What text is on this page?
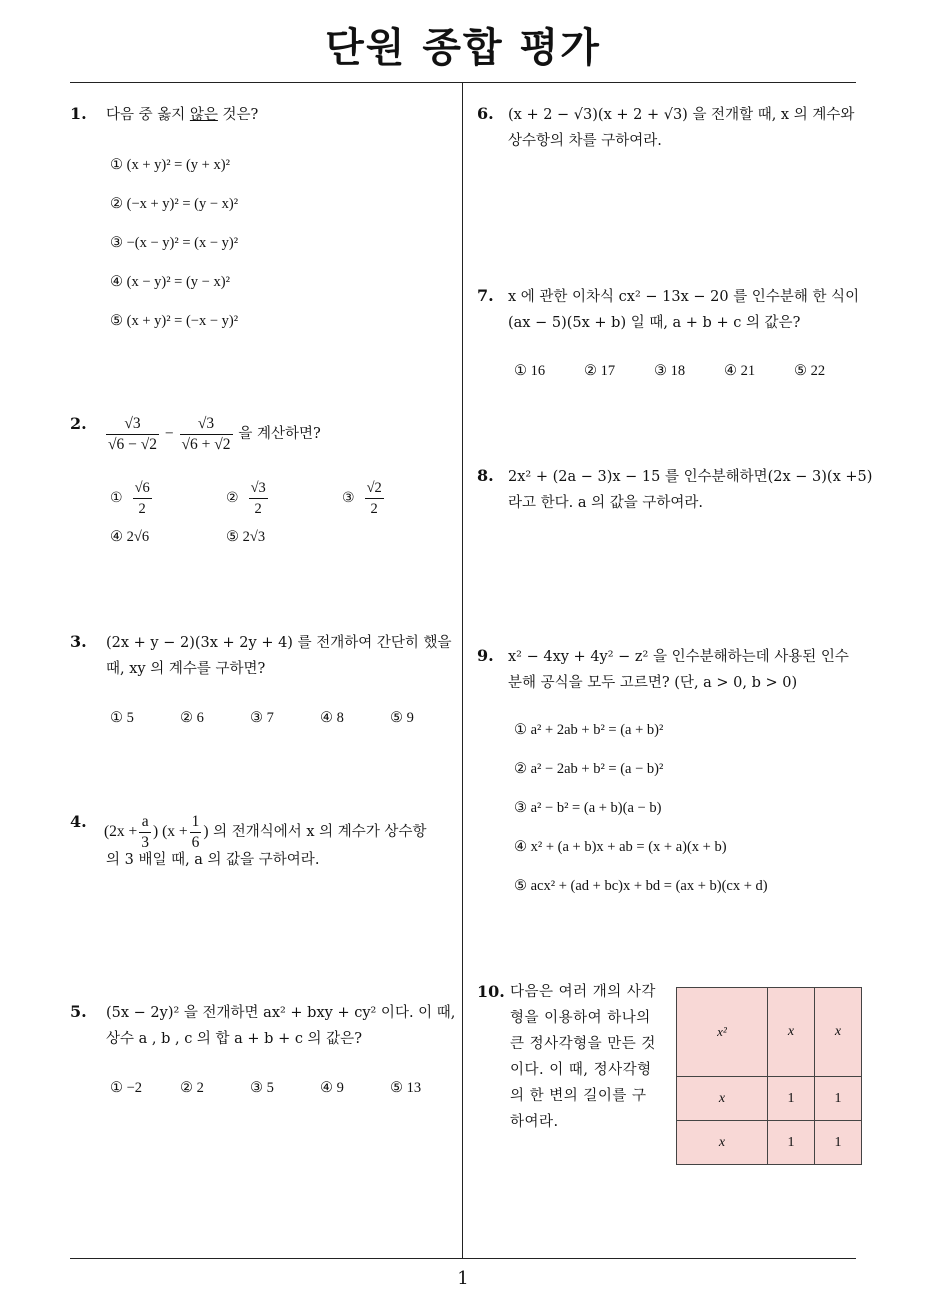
단원 종합 평가
1
1. 다음 중 옳지 않은 것은?
① (x + y)² = (y + x)²
② (−x + y)² = (y − x)²
③ −(x − y)² = (x − y)²
④ (x − y)² = (y − x)²
⑤ (x + y)² = (−x − y)²
2. $\frac{√3}{√6 - √2} - \frac{√3}{√6 + √2}$ 을 계산하면?
① $\frac{√6}{2}$	② $\frac{√3}{2}$	③ $\frac{√2}{2}$
④ 2√6	⑤ 2√3
3. (2x + y − 2)(3x + 2y + 4) 를 전개하여 간단히 했을
때, xy 의 계수를 구하면?
① 5	② 6	③ 7	④ 8	⑤ 9
4.
($2x + \frac{a}{3}$ ) ($x + \frac{1}{6}$ ) 의 전개식에서 x 의 계수가 상수항
의 3 배일 때, a 의 값을 구하여라.
5. (5x − 2y)² 을 전개하면 ax² + bxy + cy² 이다. 이 때,
상수 a , b , c 의 합 a + b + c 의 값은?
① −2	② 2	③ 5	④ 9	⑤ 13
6. (x + 2 − √3)(x + 2 + √3) 을 전개할 때, x 의 계수와
상수항의 차를 구하여라.
7. x 에 관한 이차식 cx² − 13x − 20 를 인수분해 한 식이
(ax − 5)(5x + b) 일 때, a + b + c 의 값은?
① 16	② 17	③ 18	④ 21	⑤ 22
8. 2x² + (2a − 3)x − 15 를 인수분해하면(2x − 3)(x +5)
라고 한다. a 의 값을 구하여라.
9. x² − 4xy + 4y² − z² 을 인수분해하는데 사용된 인수
분해 공식을 모두 고르면? (단, a > 0, b > 0)
① a² + 2ab + b² = (a + b)²
② a² − 2ab + b² = (a − b)²
③ a² − b² = (a + b)(a − b)
④ x² + (a + b)x + ab = (x + a)(x + b)
⑤ acx² + (ad + bc)x + bd = (ax + b)(cx + d)
10. 다음은 여러 개의 사각
형을 이용하여 하나의
큰 정사각형을 만든 것
이다. 이 때, 정사각형
의 한 변의 길이를 구
하여라.
x²	x	x
x	1	1
x	1	1
